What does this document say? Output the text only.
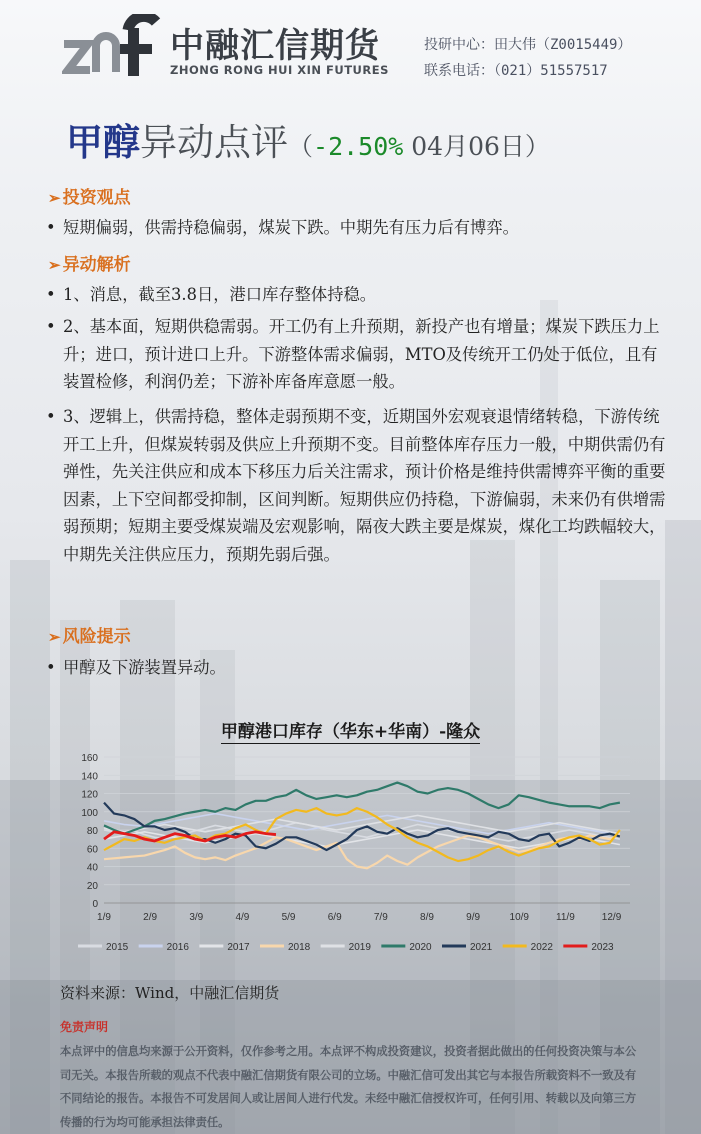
中融汇信期货
ZHONG RONG HUI XIN FUTURES
投研中心：田大伟（Z0015449）
联系电话：（021）51557517
甲醇异动点评（-2.50% 04月06日）
➢ 投资观点
• 短期偏弱，供需持稳偏弱，煤炭下跌。中期先有压力后有博弈。
➢ 异动解析
• 1、消息，截至3.8日，港口库存整体持稳。
• 2、基本面，短期供稳需弱。开工仍有上升预期，新投产也有增量；煤炭下跌压力上升；进口，预计进口上升。下游整体需求偏弱，MTO及传统开工仍处于低位，且有装置检修，利润仍差；下游补库备库意愿一般。
• 3、逻辑上，供需持稳，整体走弱预期不变，近期国外宏观衰退情绪转稳，下游传统开工上升，但煤炭转弱及供应上升预期不变。目前整体库存压力一般，中期供需仍有弹性，先关注供应和成本下移压力后关注需求，预计价格是维持供需博弈平衡的重要因素，上下空间都受抑制，区间判断。短期供应仍持稳，下游偏弱，未来仍有供增需弱预期；短期主要受煤炭端及宏观影响，隔夜大跌主要是煤炭，煤化工均跌幅较大，中期先关注供应压力，预期先弱后强。
➢ 风险提示
• 甲醇及下游装置异动。
甲醇港口库存（华东+华南）-隆众
0
20
40
60
80
100
120
140
160
1/9	2/9	3/9	4/9	5/9	6/9	7/9	8/9	9/9	10/9	11/9	12/9
2015	2016	2017	2018	2019	2020	2021	2022	2023
资料来源：Wind，中融汇信期货
免责声明
本点评中的信息均来源于公开资料，仅作参考之用。本点评不构成投资建议，投资者据此做出的任何投资决策与本公司无关。本报告所载的观点不代表中融汇信期货有限公司的立场。中融汇信可发出其它与本报告所载资料不一致及有不同结论的报告。本报告不可发居间人或让居间人进行代发。未经中融汇信授权许可，任何引用、转载以及向第三方传播的行为均可能承担法律责任。
